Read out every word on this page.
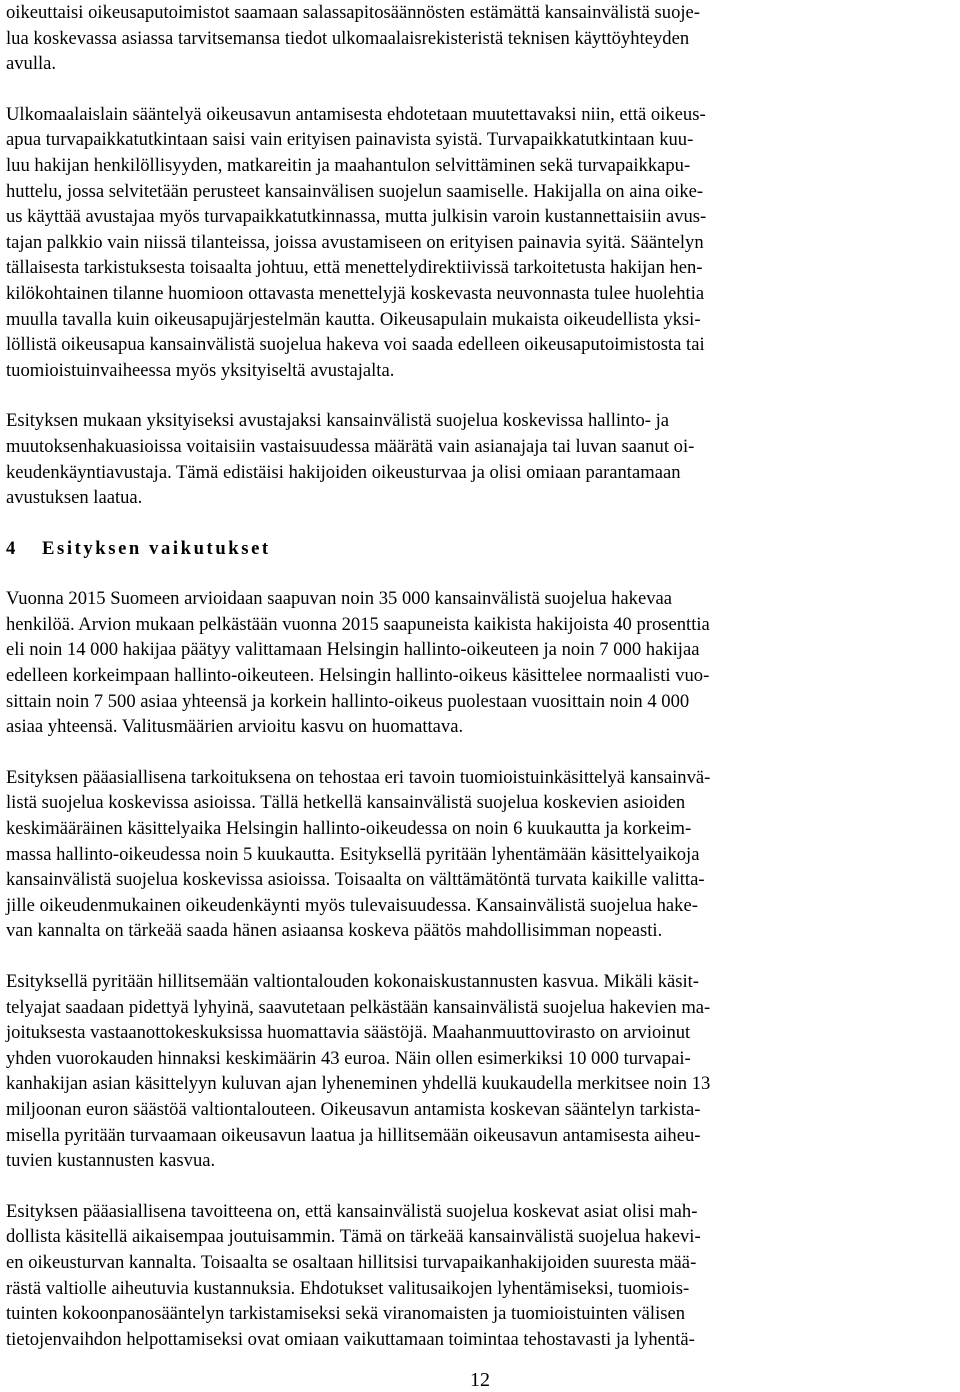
oikeuttaisi oikeusaputoimistot saamaan salassapitosäännösten estämättä kansainvälistä suoje-
lua koskevassa asiassa tarvitsemansa tiedot ulkomaalaisrekisteristä teknisen käyttöyhteyden
avulla.
Ulkomaalaislain sääntelyä oikeusavun antamisesta ehdotetaan muutettavaksi niin, että oikeus-
apua turvapaikkatutkintaan saisi vain erityisen painavista syistä. Turvapaikkatutkintaan kuu-
luu hakijan henkilöllisyyden, matkareitin ja maahantulon selvittäminen sekä turvapaikkapu-
huttelu, jossa selvitetään perusteet kansainvälisen suojelun saamiselle. Hakijalla on aina oike-
us käyttää avustajaa myös turvapaikkatutkinnassa, mutta julkisin varoin kustannettaisiin avus-
tajan palkkio vain niissä tilanteissa, joissa avustamiseen on erityisen painavia syitä. Sääntelyn
tällaisesta tarkistuksesta toisaalta johtuu, että menettelydirektiivissä tarkoitetusta hakijan hen-
kilökohtainen tilanne huomioon ottavasta menettelyjä koskevasta neuvonnasta tulee huolehtia
muulla tavalla kuin oikeusapujärjestelmän kautta. Oikeusapulain mukaista oikeudellista yksi-
löllistä oikeusapua kansainvälistä suojelua hakeva voi saada edelleen oikeusaputoimistosta tai
tuomioistuinvaiheessa myös yksityiseltä avustajalta.
Esityksen mukaan yksityiseksi avustajaksi kansainvälistä suojelua koskevissa hallinto- ja
muutoksenhakuasioissa voitaisiin vastaisuudessa määrätä vain asianajaja tai luvan saanut oi-
keudenkäyntiavustaja. Tämä edistäisi hakijoiden oikeusturvaa ja olisi omiaan parantamaan
avustuksen laatua.
4 Esityksen vaikutukset
Vuonna 2015 Suomeen arvioidaan saapuvan noin 35 000 kansainvälistä suojelua hakevaa
henkilöä. Arvion mukaan pelkästään vuonna 2015 saapuneista kaikista hakijoista 40 prosenttia
eli noin 14 000 hakijaa päätyy valittamaan Helsingin hallinto-oikeuteen ja noin 7 000 hakijaa
edelleen korkeimpaan hallinto-oikeuteen. Helsingin hallinto-oikeus käsittelee normaalisti vuo-
sittain noin 7 500 asiaa yhteensä ja korkein hallinto-oikeus puolestaan vuosittain noin 4 000
asiaa yhteensä. Valitusmäärien arvioitu kasvu on huomattava.
Esityksen pääasiallisena tarkoituksena on tehostaa eri tavoin tuomioistuinkäsittelyä kansainvä-
listä suojelua koskevissa asioissa. Tällä hetkellä kansainvälistä suojelua koskevien asioiden
keskimääräinen käsittelyaika Helsingin hallinto-oikeudessa on noin 6 kuukautta ja korkeim-
massa hallinto-oikeudessa noin 5 kuukautta. Esityksellä pyritään lyhentämään käsittelyaikoja
kansainvälistä suojelua koskevissa asioissa. Toisaalta on välttämätöntä turvata kaikille valitta-
jille oikeudenmukainen oikeudenkäynti myös tulevaisuudessa. Kansainvälistä suojelua hake-
van kannalta on tärkeää saada hänen asiaansa koskeva päätös mahdollisimman nopeasti.
Esityksellä pyritään hillitsemään valtiontalouden kokonaiskustannusten kasvua. Mikäli käsit-
telyajat saadaan pidettyä lyhyinä, saavutetaan pelkästään kansainvälistä suojelua hakevien ma-
joituksesta vastaanottokeskuksissa huomattavia säästöjä. Maahanmuuttovirasto on arvioinut
yhden vuorokauden hinnaksi keskimäärin 43 euroa. Näin ollen esimerkiksi 10 000 turvapai-
kanhakijan asian käsittelyyn kuluvan ajan lyheneminen yhdellä kuukaudella merkitsee noin 13
miljoonan euron säästöä valtiontalouteen. Oikeusavun antamista koskevan sääntelyn tarkista-
misella pyritään turvaamaan oikeusavun laatua ja hillitsemään oikeusavun antamisesta aiheu-
tuvien kustannusten kasvua.
Esityksen pääasiallisena tavoitteena on, että kansainvälistä suojelua koskevat asiat olisi mah-
dollista käsitellä aikaisempaa joutuisammin. Tämä on tärkeää kansainvälistä suojelua hakevi-
en oikeusturvan kannalta. Toisaalta se osaltaan hillitsisi turvapaikanhakijoiden suuresta mää-
rästä valtiolle aiheutuvia kustannuksia. Ehdotukset valitusaikojen lyhentämiseksi, tuomiois-
tuinten kokoonpanosääntelyn tarkistamiseksi sekä viranomaisten ja tuomioistuinten välisen
tietojenvaihdon helpottamiseksi ovat omiaan vaikuttamaan toimintaa tehostavasti ja lyhentä-
12
